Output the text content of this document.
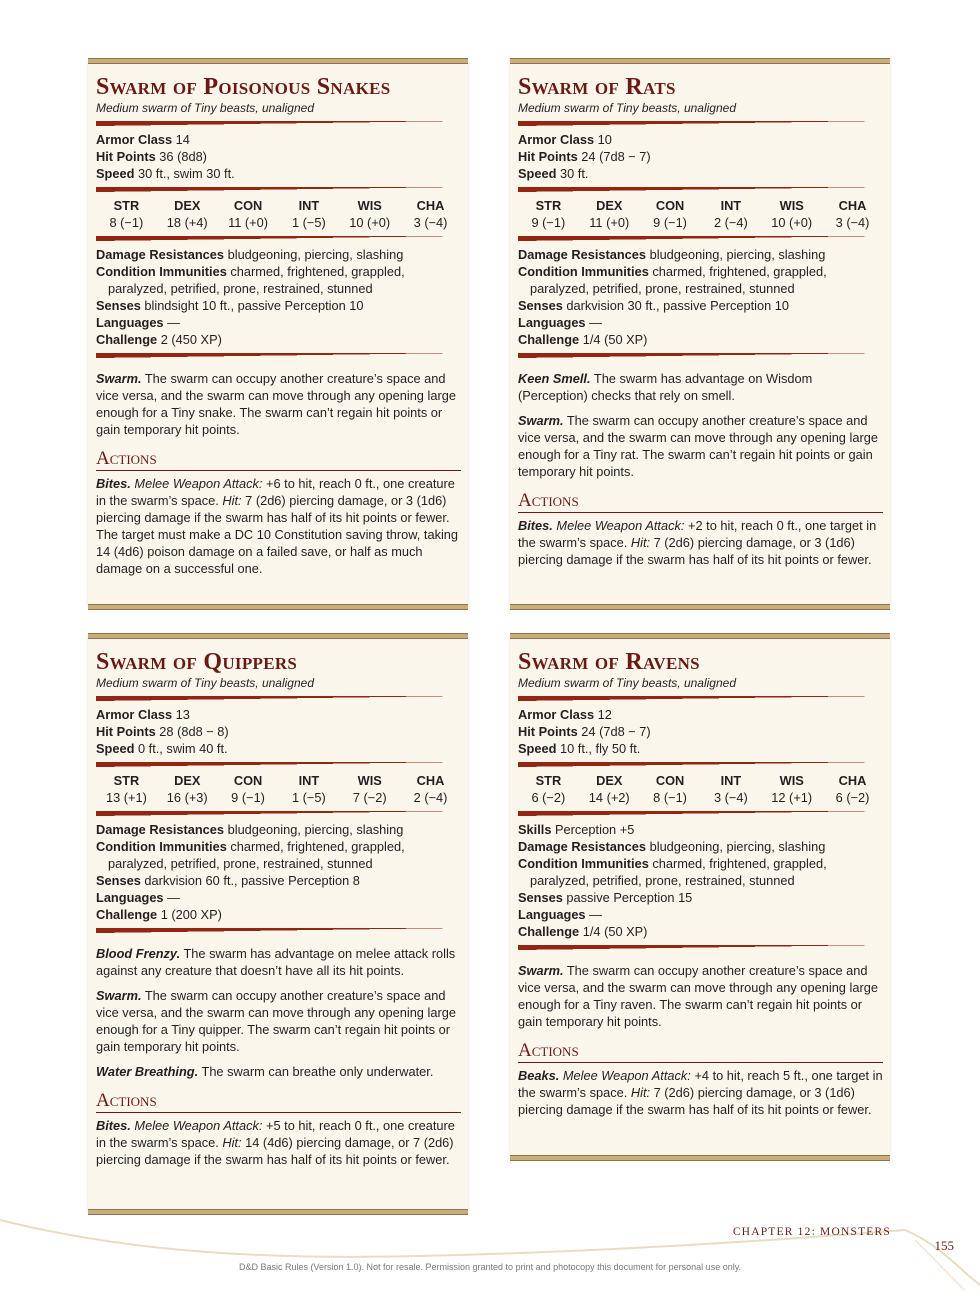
Swarm of Poisonous Snakes
Medium swarm of Tiny beasts, unaligned

Armor Class 14

Hit Points 36 (8d8)

Speed 30 ft., swim 30 ft.

STR
8 (−1)
DEX
18 (+4)
CON
11 (+0)
INT
1 (−5)
WIS
10 (+0)
CHA
3 (−4)

Damage Resistances bludgeoning, piercing, slashing

Condition Immunities charmed, frightened, grappled,

paralyzed, petrified, prone, restrained, stunned

Senses blindsight 10 ft., passive Perception 10

Languages —

Challenge 2 (450 XP)

Swarm. The swarm can occupy another creature’s space and vice versa, and the swarm can move through any opening large enough for a Tiny snake. The swarm can’t regain hit points or gain temporary hit points.

Actions

Bites. Melee Weapon Attack: +6 to hit, reach 0 ft., one creature in the swarm’s space. Hit: 7 (2d6) piercing damage, or 3 (1d6) piercing damage if the swarm has half of its hit points or fewer. The target must make a DC 10 Constitution saving throw, taking 14 (4d6) poison damage on a failed save, or half as much damage on a successful one.

Swarm of Rats
Medium swarm of Tiny beasts, unaligned

Armor Class 10

Hit Points 24 (7d8 − 7)

Speed 30 ft.

STR
9 (−1)
DEX
11 (+0)
CON
9 (−1)
INT
2 (−4)
WIS
10 (+0)
CHA
3 (−4)

Damage Resistances bludgeoning, piercing, slashing

Condition Immunities charmed, frightened, grappled,

paralyzed, petrified, prone, restrained, stunned

Senses darkvision 30 ft., passive Perception 10

Languages —

Challenge 1/4 (50 XP)

Keen Smell. The swarm has advantage on Wisdom (Perception) checks that rely on smell.

Swarm. The swarm can occupy another creature’s space and vice versa, and the swarm can move through any opening large enough for a Tiny rat. The swarm can’t regain hit points or gain temporary hit points.

Actions

Bites. Melee Weapon Attack: +2 to hit, reach 0 ft., one target in the swarm’s space. Hit: 7 (2d6) piercing damage, or 3 (1d6) piercing damage if the swarm has half of its hit points or fewer.

Swarm of Quippers
Medium swarm of Tiny beasts, unaligned

Armor Class 13

Hit Points 28 (8d8 − 8)

Speed 0 ft., swim 40 ft.

STR
13 (+1)
DEX
16 (+3)
CON
9 (−1)
INT
1 (−5)
WIS
7 (−2)
CHA
2 (−4)

Damage Resistances bludgeoning, piercing, slashing

Condition Immunities charmed, frightened, grappled,

paralyzed, petrified, prone, restrained, stunned

Senses darkvision 60 ft., passive Perception 8

Languages —

Challenge 1 (200 XP)

Blood Frenzy. The swarm has advantage on melee attack rolls against any creature that doesn’t have all its hit points.

Swarm. The swarm can occupy another creature’s space and vice versa, and the swarm can move through any opening large enough for a Tiny quipper. The swarm can’t regain hit points or gain temporary hit points.

Water Breathing. The swarm can breathe only underwater.

Actions

Bites. Melee Weapon Attack: +5 to hit, reach 0 ft., one creature in the swarm’s space. Hit: 14 (4d6) piercing damage, or 7 (2d6) piercing damage if the swarm has half of its hit points or fewer.

Swarm of Ravens
Medium swarm of Tiny beasts, unaligned

Armor Class 12

Hit Points 24 (7d8 − 7)

Speed 10 ft., fly 50 ft.

STR
6 (−2)
DEX
14 (+2)
CON
8 (−1)
INT
3 (−4)
WIS
12 (+1)
CHA
6 (−2)

Skills Perception +5

Damage Resistances bludgeoning, piercing, slashing

Condition Immunities charmed, frightened, grappled,

paralyzed, petrified, prone, restrained, stunned

Senses passive Perception 15

Languages —

Challenge 1/4 (50 XP)

Swarm. The swarm can occupy another creature’s space and vice versa, and the swarm can move through any opening large enough for a Tiny raven. The swarm can’t regain hit points or gain temporary hit points.

Actions

Beaks. Melee Weapon Attack: +4 to hit, reach 5 ft., one target in the swarm’s space. Hit: 7 (2d6) piercing damage, or 3 (1d6) piercing damage if the swarm has half of its hit points or fewer.

CHAPTER 12: MONSTERS
155
D&D Basic Rules (Version 1.0). Not for resale. Permission granted to print and photocopy this document for personal use only.
